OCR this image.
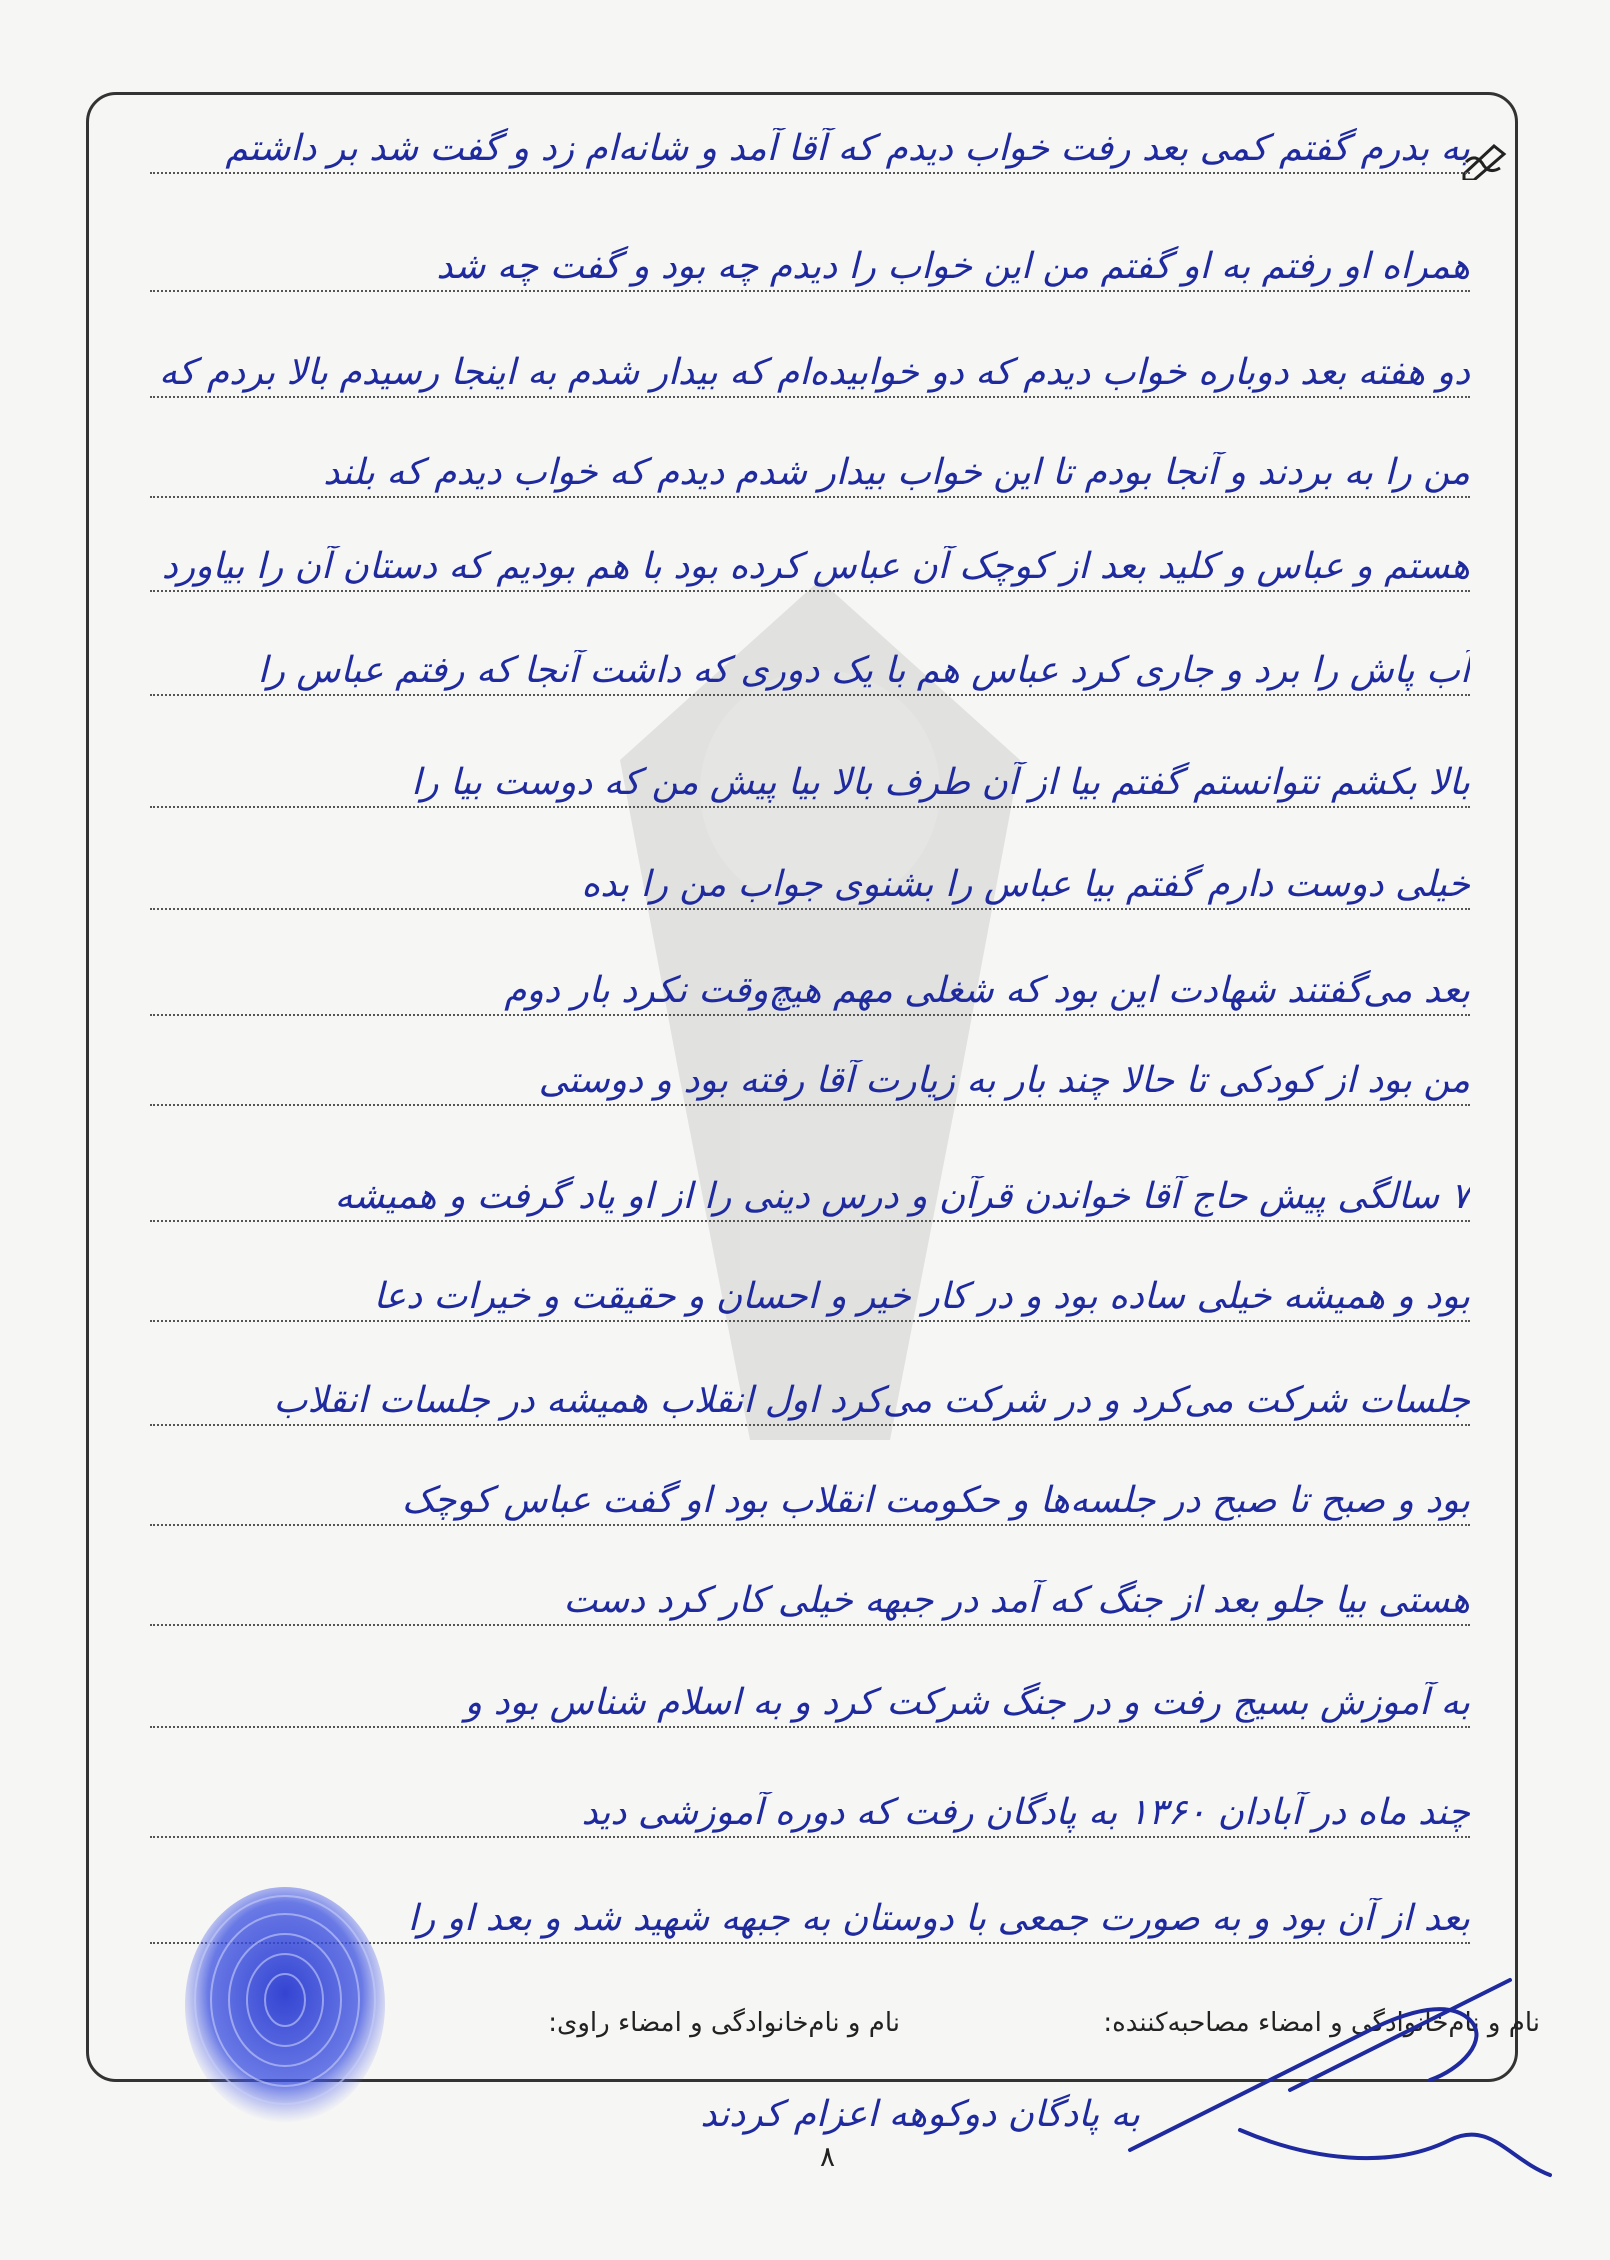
به بدرم گفتم کمی بعد رفت خواب دیدم که آقا آمد و شانه‌ام زد و گفت شد بر داشتم
همراه او رفتم به او گفتم من این خواب را دیدم چه بود و گفت چه شد
دو هفته بعد دوباره خواب دیدم که دو خوابیده‌ام که بیدار شدم به اینجا رسیدم بالا بردم که
من را به بردند و آنجا بودم تا این خواب بیدار شدم دیدم که خواب دیدم که بلند
هستم و عباس و کلید بعد از کوچک آن عباس کرده بود با هم بودیم که دستان آن را بیاورد
آب پاش را برد و جاری کرد عباس هم با یک دوری که داشت آنجا که رفتم عباس را
بالا بکشم نتوانستم گفتم بیا از آن طرف بالا بیا پیش من که دوست بیا را
خیلی دوست دارم گفتم بیا عباس را بشنوی جواب من را بده
بعد می‌گفتند شهادت این بود که شغلی مهم هیچ‌وقت نکرد بار دوم
من بود از کودکی تا حالا چند بار به زیارت آقا رفته بود و دوستی
۷ سالگی پیش حاج آقا خواندن قرآن و درس دینی را از او یاد گرفت و همیشه
بود و همیشه خیلی ساده بود و در کار خیر و احسان و حقیقت و خیرات دعا
جلسات شرکت می‌کرد و در شرکت می‌کرد اول انقلاب همیشه در جلسات انقلاب
بود و صبح تا صبح در جلسه‌ها و حکومت انقلاب بود او گفت عباس کوچک
هستی بیا جلو بعد از جنگ که آمد در جبهه خیلی کار کرد دست
به آموزش بسیج رفت و در جنگ شرکت کرد و به اسلام شناس بود و
چند ماه در آبادان ۱۳۶۰ به پادگان رفت که دوره آموزشی دید
بعد از آن بود و به صورت جمعی با دوستان به جبهه شهید شد و بعد او را
نام و نام‌خانوادگی و امضاء مصاحبه‌کننده:
نام و نام‌خانوادگی و امضاء راوی:
به پادگان دوکوهه اعزام کردند
۸
